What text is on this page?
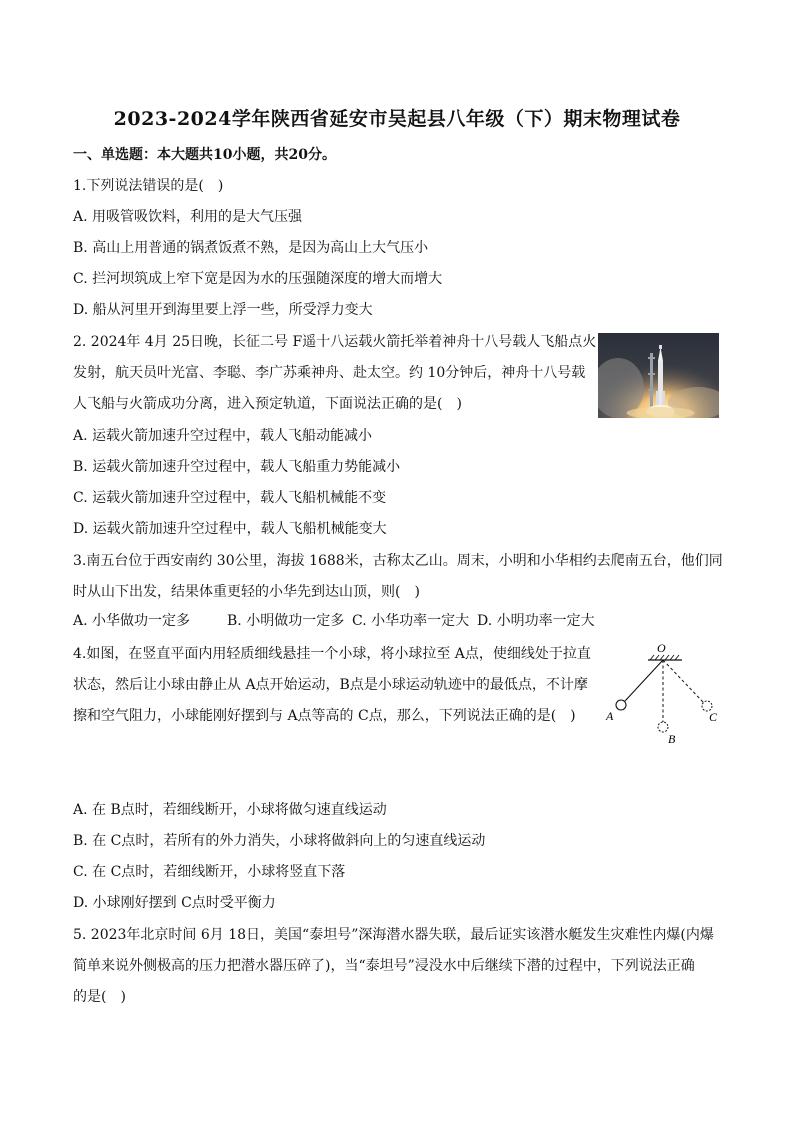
2023-2024学年陕西省延安市吴起县八年级（下）期末物理试卷
一、单选题：本大题共10小题，共20分。
1.下列说法错误的是(　)
A. 用吸管吸饮料，利用的是大气压强
B. 高山上用普通的锅煮饭煮不熟，是因为高山上大气压小
C. 拦河坝筑成上窄下宽是因为水的压强随深度的增大而增大
D. 船从河里开到海里要上浮一些，所受浮力变大
2. 2024年 4月 25日晚，长征二号 F遥十八运载火箭托举着神舟十八号载人飞船点火
发射，航天员叶光富、李聪、李广苏乘神舟、赴太空。约 10分钟后，神舟十八号载
人飞船与火箭成功分离，进入预定轨道，下面说法正确的是(　)
A. 运载火箭加速升空过程中，载人飞船动能减小
B. 运载火箭加速升空过程中，载人飞船重力势能减小
C. 运载火箭加速升空过程中，载人飞船机械能不变
D. 运载火箭加速升空过程中，载人飞船机械能变大
3.南五台位于西安南约 30公里，海拔 1688米，古称太乙山。周末，小明和小华相约去爬南五台，他们同
时从山下出发，结果体重更轻的小华先到达山顶，则(　)
A. 小华做功一定多	B. 小明做功一定多 C. 小华功率一定大 D. 小明功率一定大
4.如图，在竖直平面内用轻质细线悬挂一个小球，将小球拉至 A点，使细线处于拉直
状态，然后让小球由静止从 A点开始运动，B点是小球运动轨迹中的最低点，不计摩
擦和空气阻力，小球能刚好摆到与 A点等高的 C点，那么，下列说法正确的是(　)
O
A
B
C
A. 在 B点时，若细线断开，小球将做匀速直线运动
B. 在 C点时，若所有的外力消失，小球将做斜向上的匀速直线运动
C. 在 C点时，若细线断开，小球将竖直下落
D. 小球刚好摆到 C点时受平衡力
5. 2023年北京时间 6月 18日，美国“泰坦号”深海潜水器失联，最后证实该潜水艇发生灾难性内爆(内爆
简单来说外侧极高的压力把潜水器压碎了)，当“泰坦号”浸没水中后继续下潜的过程中，下列说法正确
的是(　)
